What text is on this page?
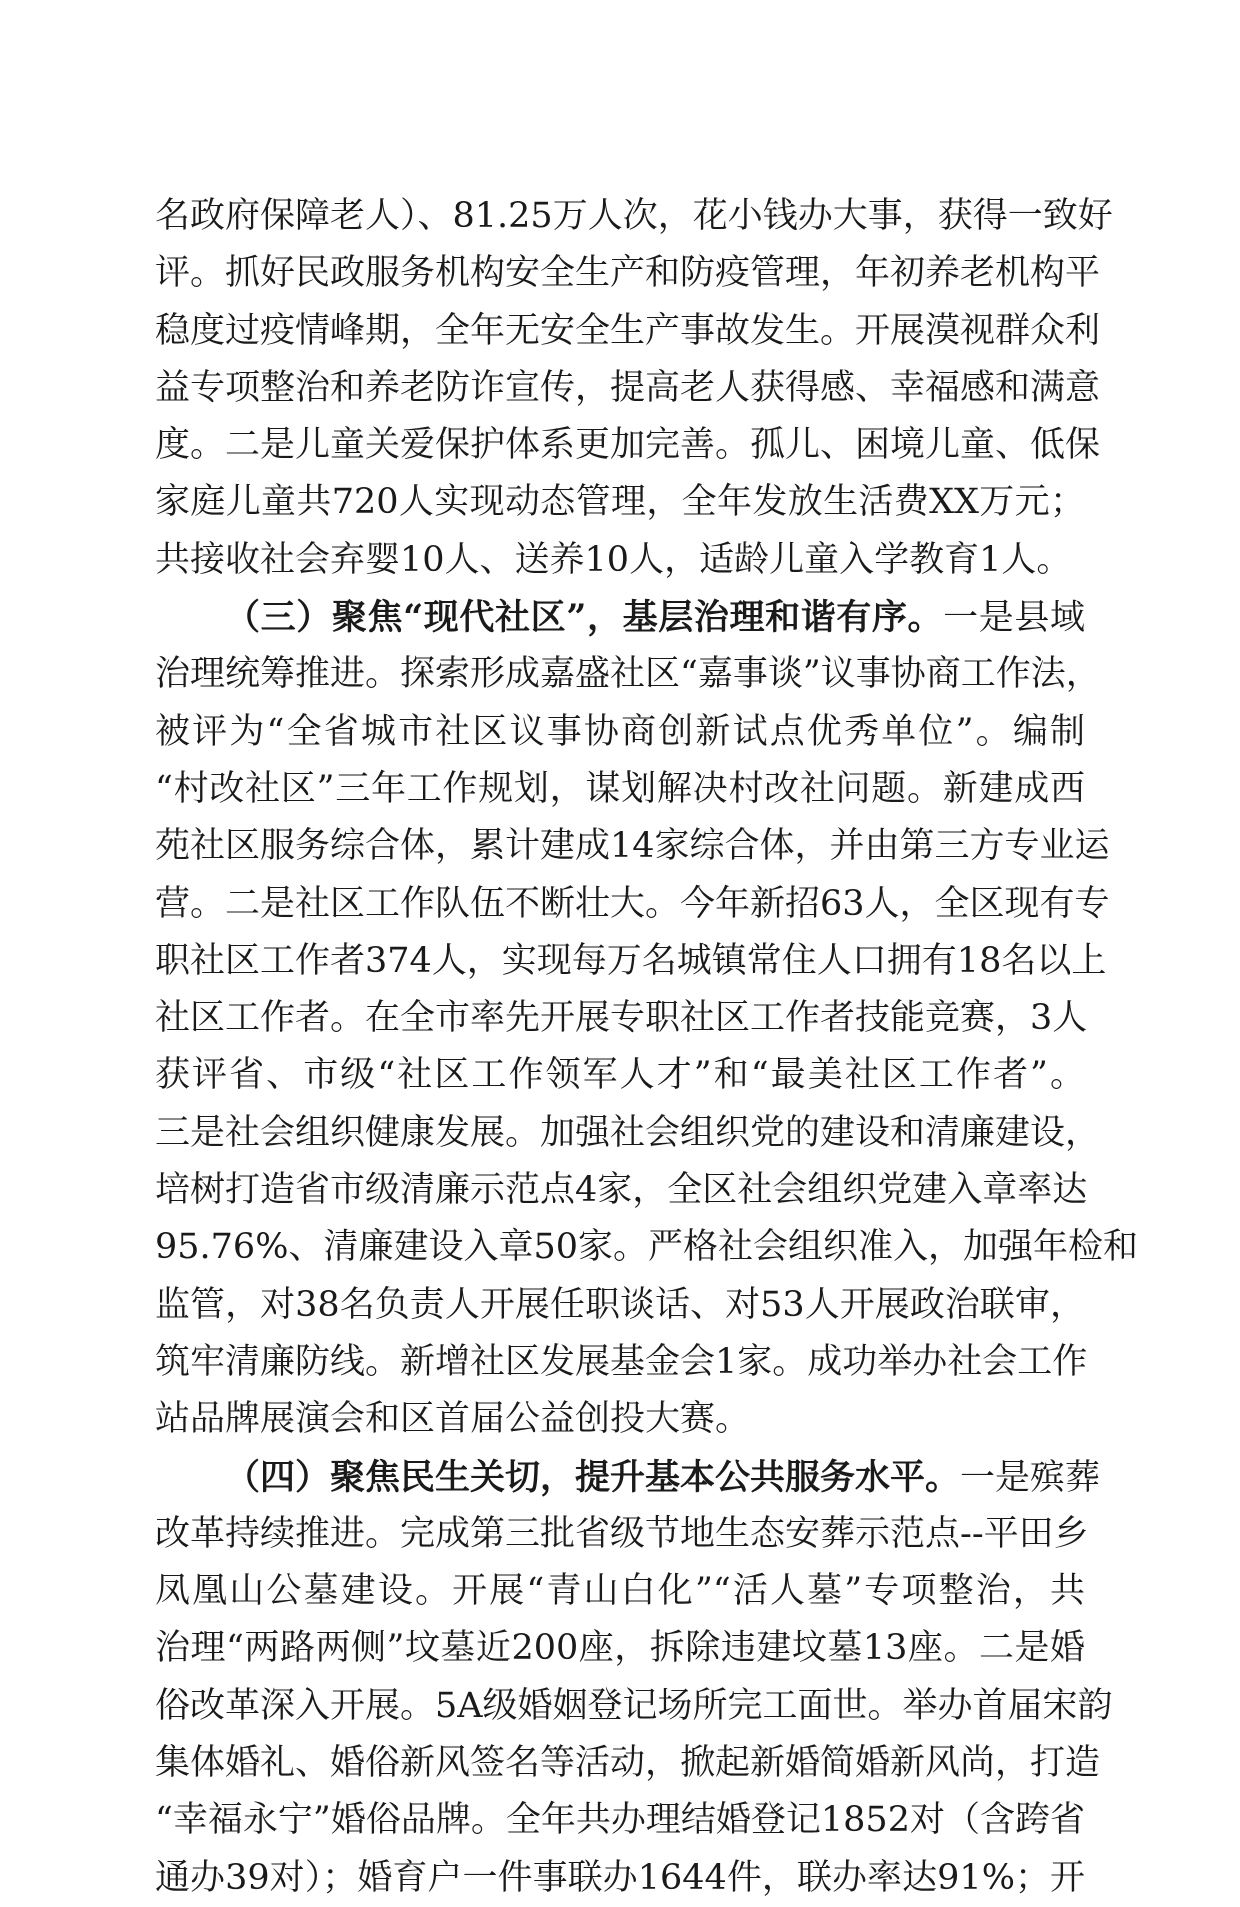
名政府保障老人）、81.25万人次，花小钱办大事，获得一致好
评。抓好民政服务机构安全生产和防疫管理，年初养老机构平
稳度过疫情峰期，全年无安全生产事故发生。开展漠视群众利
益专项整治和养老防诈宣传，提高老人获得感、幸福感和满意
度。二是儿童关爱保护体系更加完善。孤儿、困境儿童、低保
家庭儿童共720人实现动态管理，全年发放生活费XX万元；
共接收社会弃婴10人、送养10人，适龄儿童入学教育1人。
（三）聚焦“现代社区”，基层治理和谐有序。一是县域
治理统筹推进。探索形成嘉盛社区“嘉事谈”议事协商工作法，
被评为“全省城市社区议事协商创新试点优秀单位”。编制
“村改社区”三年工作规划，谋划解决村改社问题。新建成西
苑社区服务综合体，累计建成14家综合体，并由第三方专业运
营。二是社区工作队伍不断壮大。今年新招63人，全区现有专
职社区工作者374人，实现每万名城镇常住人口拥有18名以上
社区工作者。在全市率先开展专职社区工作者技能竞赛，3人
获评省、市级“社区工作领军人才”和“最美社区工作者”。
三是社会组织健康发展。加强社会组织党的建设和清廉建设，
培树打造省市级清廉示范点4家，全区社会组织党建入章率达
95.76%、清廉建设入章50家。严格社会组织准入，加强年检和
监管，对38名负责人开展任职谈话、对53人开展政治联审，
筑牢清廉防线。新增社区发展基金会1家。成功举办社会工作
站品牌展演会和区首届公益创投大赛。
（四）聚焦民生关切，提升基本公共服务水平。一是殡葬
改革持续推进。完成第三批省级节地生态安葬示范点--平田乡
凤凰山公墓建设。开展“青山白化”“活人墓”专项整治，共
治理“两路两侧”坟墓近200座，拆除违建坟墓13座。二是婚
俗改革深入开展。5A级婚姻登记场所完工面世。举办首届宋韵
集体婚礼、婚俗新风签名等活动，掀起新婚简婚新风尚，打造
“幸福永宁”婚俗品牌。全年共办理结婚登记1852对（含跨省
通办39对）；婚育户一件事联办1644件，联办率达91%；开
